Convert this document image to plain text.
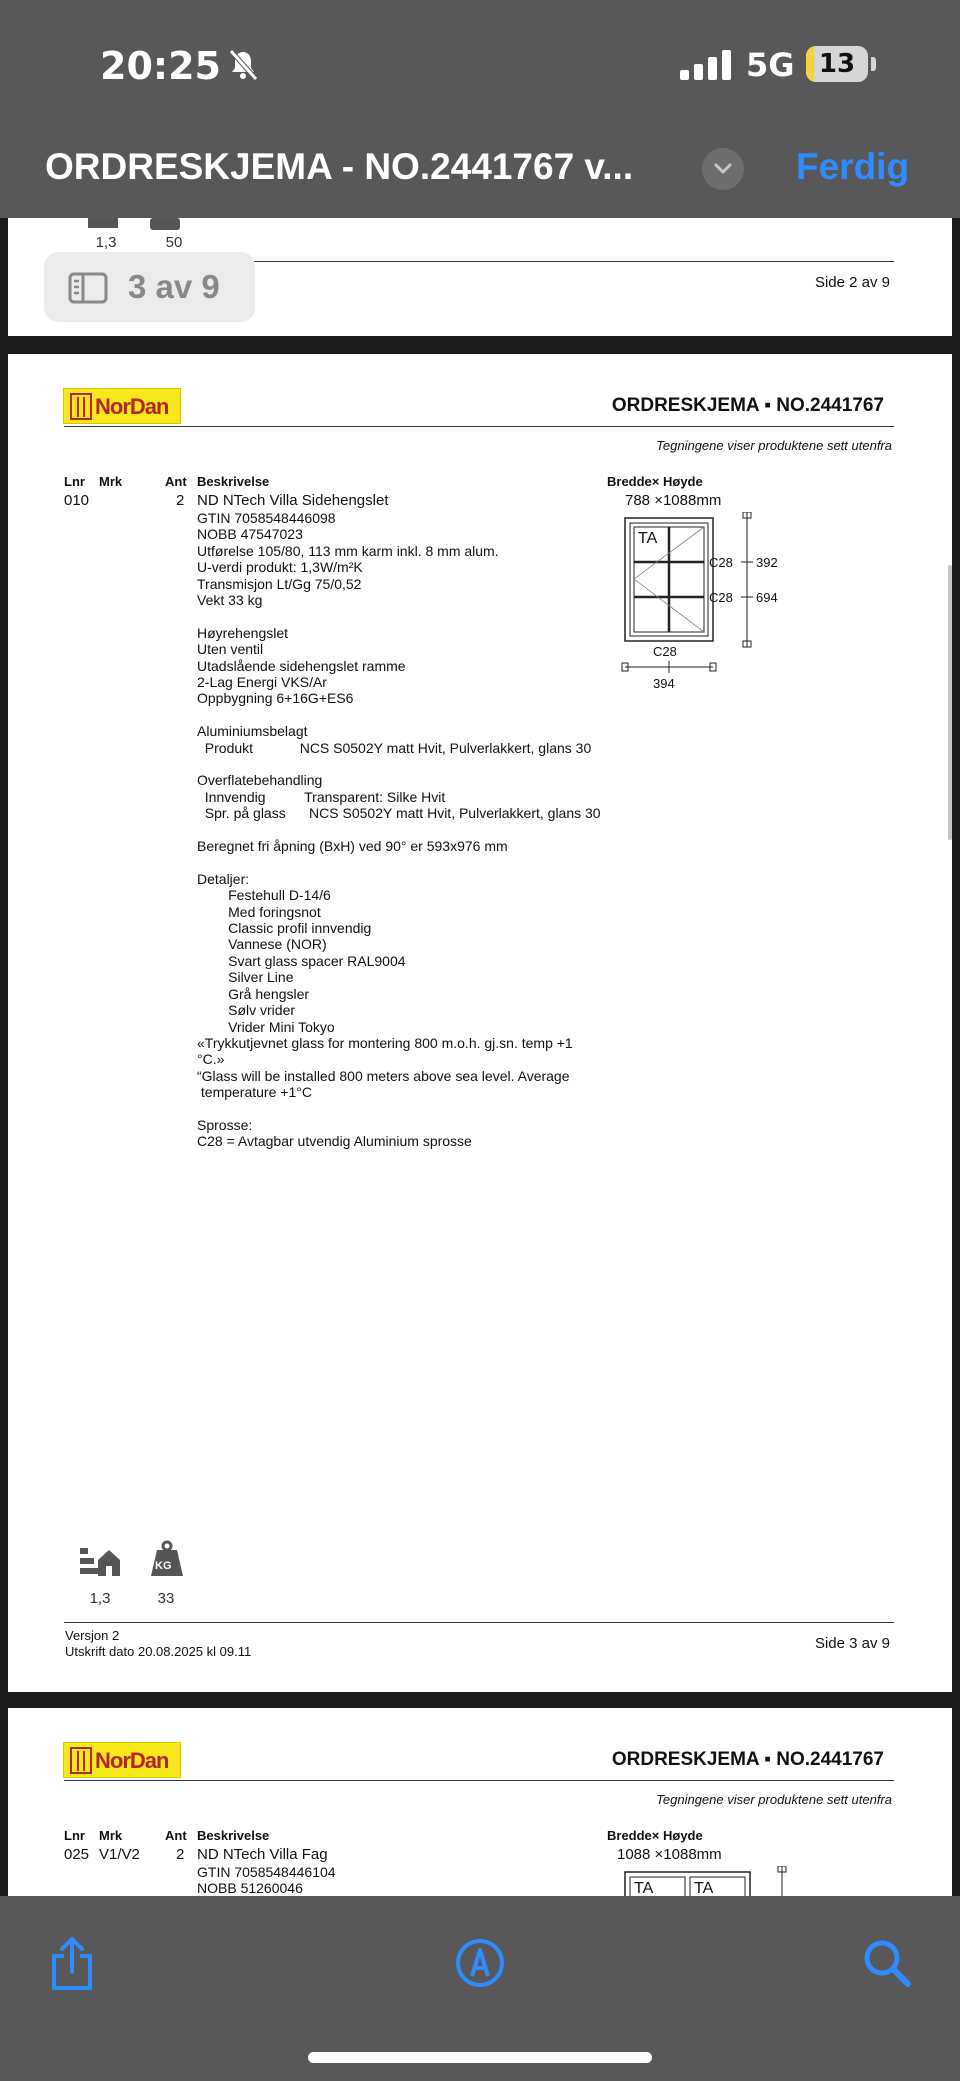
20:25	5G 13
ORDRESKJEMA - NO.2441767 v...	Ferdig
1,3	50
Side 2 av 9
NorDan	ORDRESKJEMA ▪ NO.2441767
Tegningene viser produktene sett utenfra
Lnr Mrk	Ant Beskrivelse	Bredde× Høyde
010	2 ND NTech Villa Sidehengslet
GTIN 7058548446098
NOBB 47547023
Utførelse 105/80, 113 mm karm inkl. 8 mm alum.
U-verdi produkt: 1,3W/m²K
Transmisjon Lt/Gg 75/0,52
Vekt 33 kg
Høyrehengslet
Uten ventil
Utadslående sidehengslet ramme
2-Lag Energi VKS/Ar
Oppbygning 6+16G+ES6
Aluminiumsbelagt
Produkt            NCS S0502Y matt Hvit, Pulverlakkert, glans 30
Overflatebehandling
Innvendig          Transparent: Silke Hvit
Spr. på glass      NCS S0502Y matt Hvit, Pulverlakkert, glans 30
Beregnet fri åpning (BxH) ved 90° er 593x976 mm
Detaljer:
Festehull D-14/6
Med foringsnot
Classic profil innvendig
Vannese (NOR)
Svart glass spacer RAL9004
Silver Line
Grå hengsler
Sølv vrider
Vrider Mini Tokyo
«Trykkutjevnet glass for montering 800 m.o.h. gj.sn. temp +1
°C.»
“Glass will be installed 800 meters above sea level. Average
temperature +1°C
Sprosse:
C28 = Avtagbar utvendig Aluminium sprosse
788 ×1088mm
TA
C28 392
C28 694
C28
394
KG
1,3	33
Versjon 2
Utskrift dato 20.08.2025 kl 09.11	Side 3 av 9
NorDan	ORDRESKJEMA ▪ NO.2441767
Tegningene viser produktene sett utenfra
Lnr Mrk	Ant Beskrivelse	Bredde× Høyde
025 V1/V2 2 ND NTech Villa Fag
GTIN 7058548446104
NOBB 51260046
1088 ×1088mm
TA	TA
3 av 9
